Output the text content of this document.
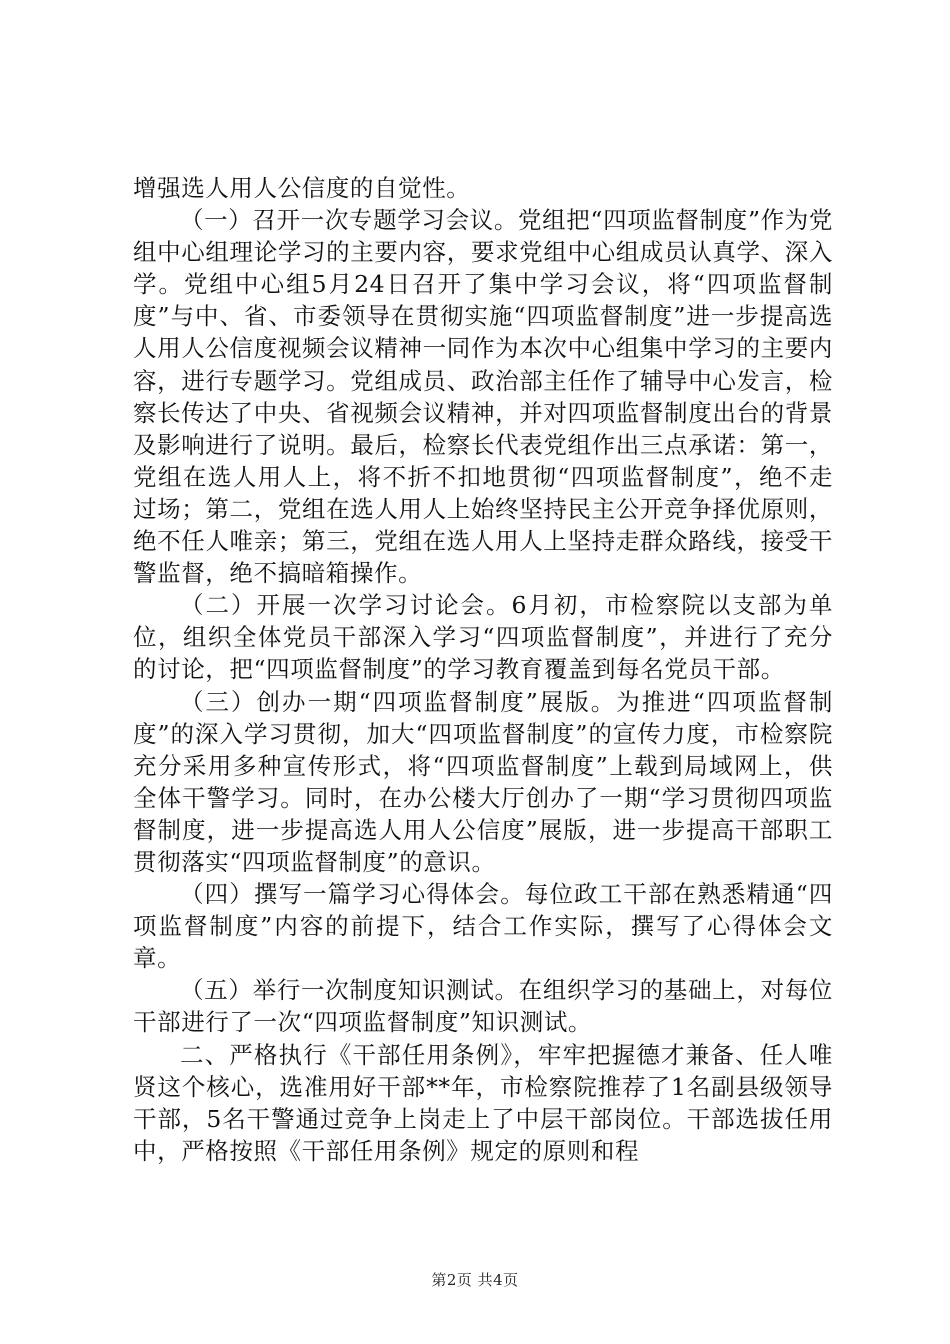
增强选人用人公信度的自觉性。

（一）召开一次专题学习会议。党组把“四项监督制度”作为党组中心组理论学习的主要内容，要求党组中心组成员认真学、深入学。党组中心组5月24日召开了集中学习会议，将“四项监督制度”与中、省、市委领导在贯彻实施“四项监督制度”进一步提高选人用人公信度视频会议精神一同作为本次中心组集中学习的主要内容，进行专题学习。党组成员、政治部主任作了辅导中心发言，检察长传达了中央、省视频会议精神，并对四项监督制度出台的背景及影响进行了说明。最后，检察长代表党组作出三点承诺：第一，党组在选人用人上，将不折不扣地贯彻“四项监督制度”，绝不走过场；第二，党组在选人用人上始终坚持民主公开竞争择优原则，绝不任人唯亲；第三，党组在选人用人上坚持走群众路线，接受干警监督，绝不搞暗箱操作。

（二）开展一次学习讨论会。6月初，市检察院以支部为单位，组织全体党员干部深入学习“四项监督制度”，并进行了充分的讨论，把“四项监督制度”的学习教育覆盖到每名党员干部。

（三）创办一期“四项监督制度”展版。为推进“四项监督制度”的深入学习贯彻，加大“四项监督制度”的宣传力度，市检察院充分采用多种宣传形式，将“四项监督制度”上载到局域网上，供全体干警学习。同时，在办公楼大厅创办了一期“学习贯彻四项监督制度，进一步提高选人用人公信度”展版，进一步提高干部职工贯彻落实“四项监督制度”的意识。

（四）撰写一篇学习心得体会。每位政工干部在熟悉精通“四项监督制度”内容的前提下，结合工作实际，撰写了心得体会文章。

（五）举行一次制度知识测试。在组织学习的基础上，对每位干部进行了一次“四项监督制度”知识测试。

二、严格执行《干部任用条例》，牢牢把握德才兼备、任人唯贤这个核心，选准用好干部**年，市检察院推荐了1名副县级领导干部，5名干警通过竞争上岗走上了中层干部岗位。干部选拔任用中，严格按照《干部任用条例》规定的原则和程

第2页 共4页
